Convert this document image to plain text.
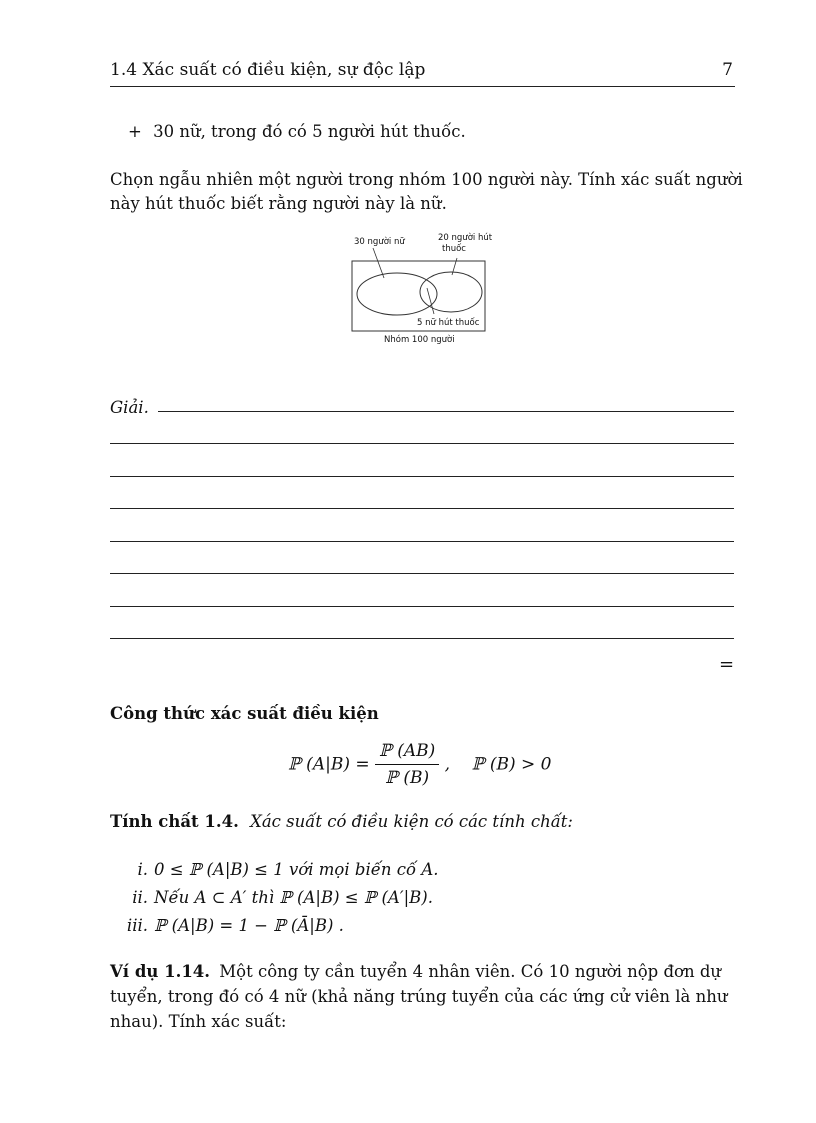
1.4 Xác suất có điều kiện, sự độc lập	7
+ 30 nữ, trong đó có 5 người hút thuốc.
Chọn ngẫu nhiên một người trong nhóm 100 người này. Tính xác suất người
này hút thuốc biết rằng người này là nữ.
30 người nữ	20 người hút
thuốc
5 nữ hút thuốc
Nhóm 100 người
Giải.
=
Công thức xác suất điều kiện
ℙ $(A|B) = \frac{\text{ℙ (AB)}}{\text{ℙ (B)}}$ ,    ℙ (B) > 0
Tính chất 1.4. Xác suất có điều kiện có các tính chất:
i. 0 ≤ ℙ (A|B) ≤ 1 với mọi biến cố A.
ii. Nếu A ⊂ A′ thì ℙ (A|B) ≤ ℙ (A′|B).
iii. ℙ (A|B) = 1 − ℙ (Ā|B) .
Ví dụ 1.14. Một công ty cần tuyển 4 nhân viên. Có 10 người nộp đơn dự
tuyển, trong đó có 4 nữ (khả năng trúng tuyển của các ứng cử viên là như
nhau). Tính xác suất:
